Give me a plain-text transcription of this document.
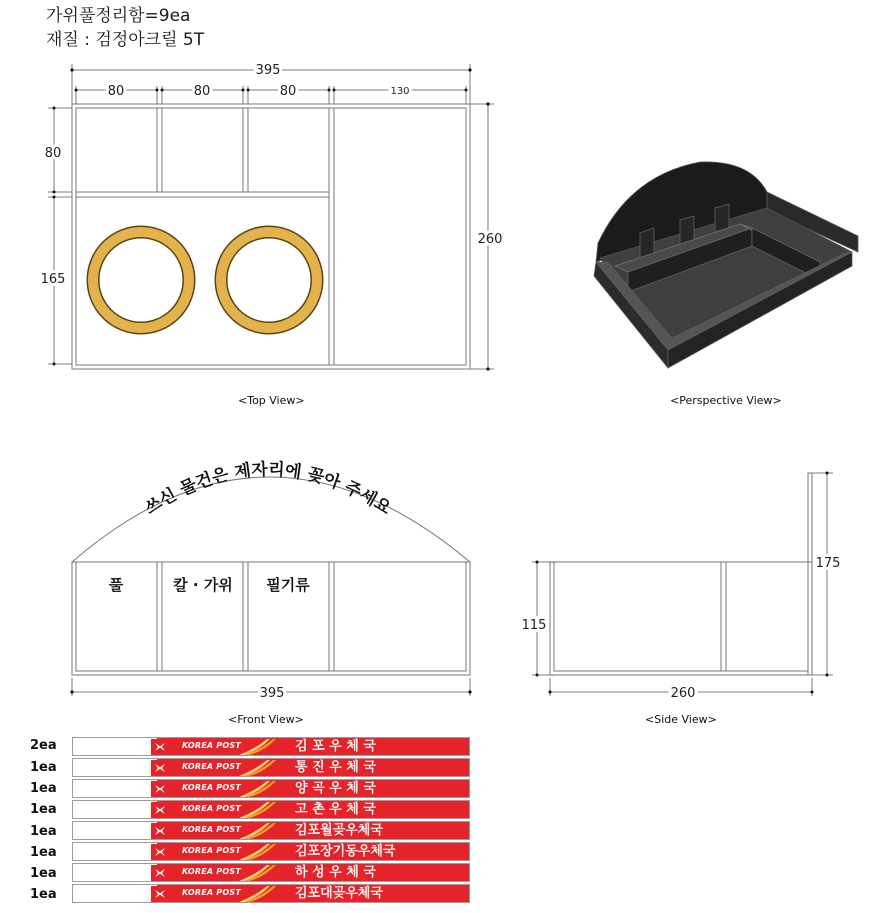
가위풀정리함=9ea
재질 : 검정아크릴 5T
395
80	80	80	130
80
165
260
<Top View>	<Perspective View>
쓰신 물건은 제자리에 꽂아 주세요
풀	칼 · 가위 필기류
395
<Front View>
115
175
260
<Side View>
2ea	KOREA POST	김 포 우 체 국
1ea	KOREA POST	통 진 우 체 국
1ea	KOREA POST	양 곡 우 체 국
1ea	KOREA POST	고 촌 우 체 국
1ea	KOREA POST	김포월곶우체국
1ea	KOREA POST	김포장기동우체국
1ea	KOREA POST	하 성 우 체 국
1ea	KOREA POST	김포대곶우체국
